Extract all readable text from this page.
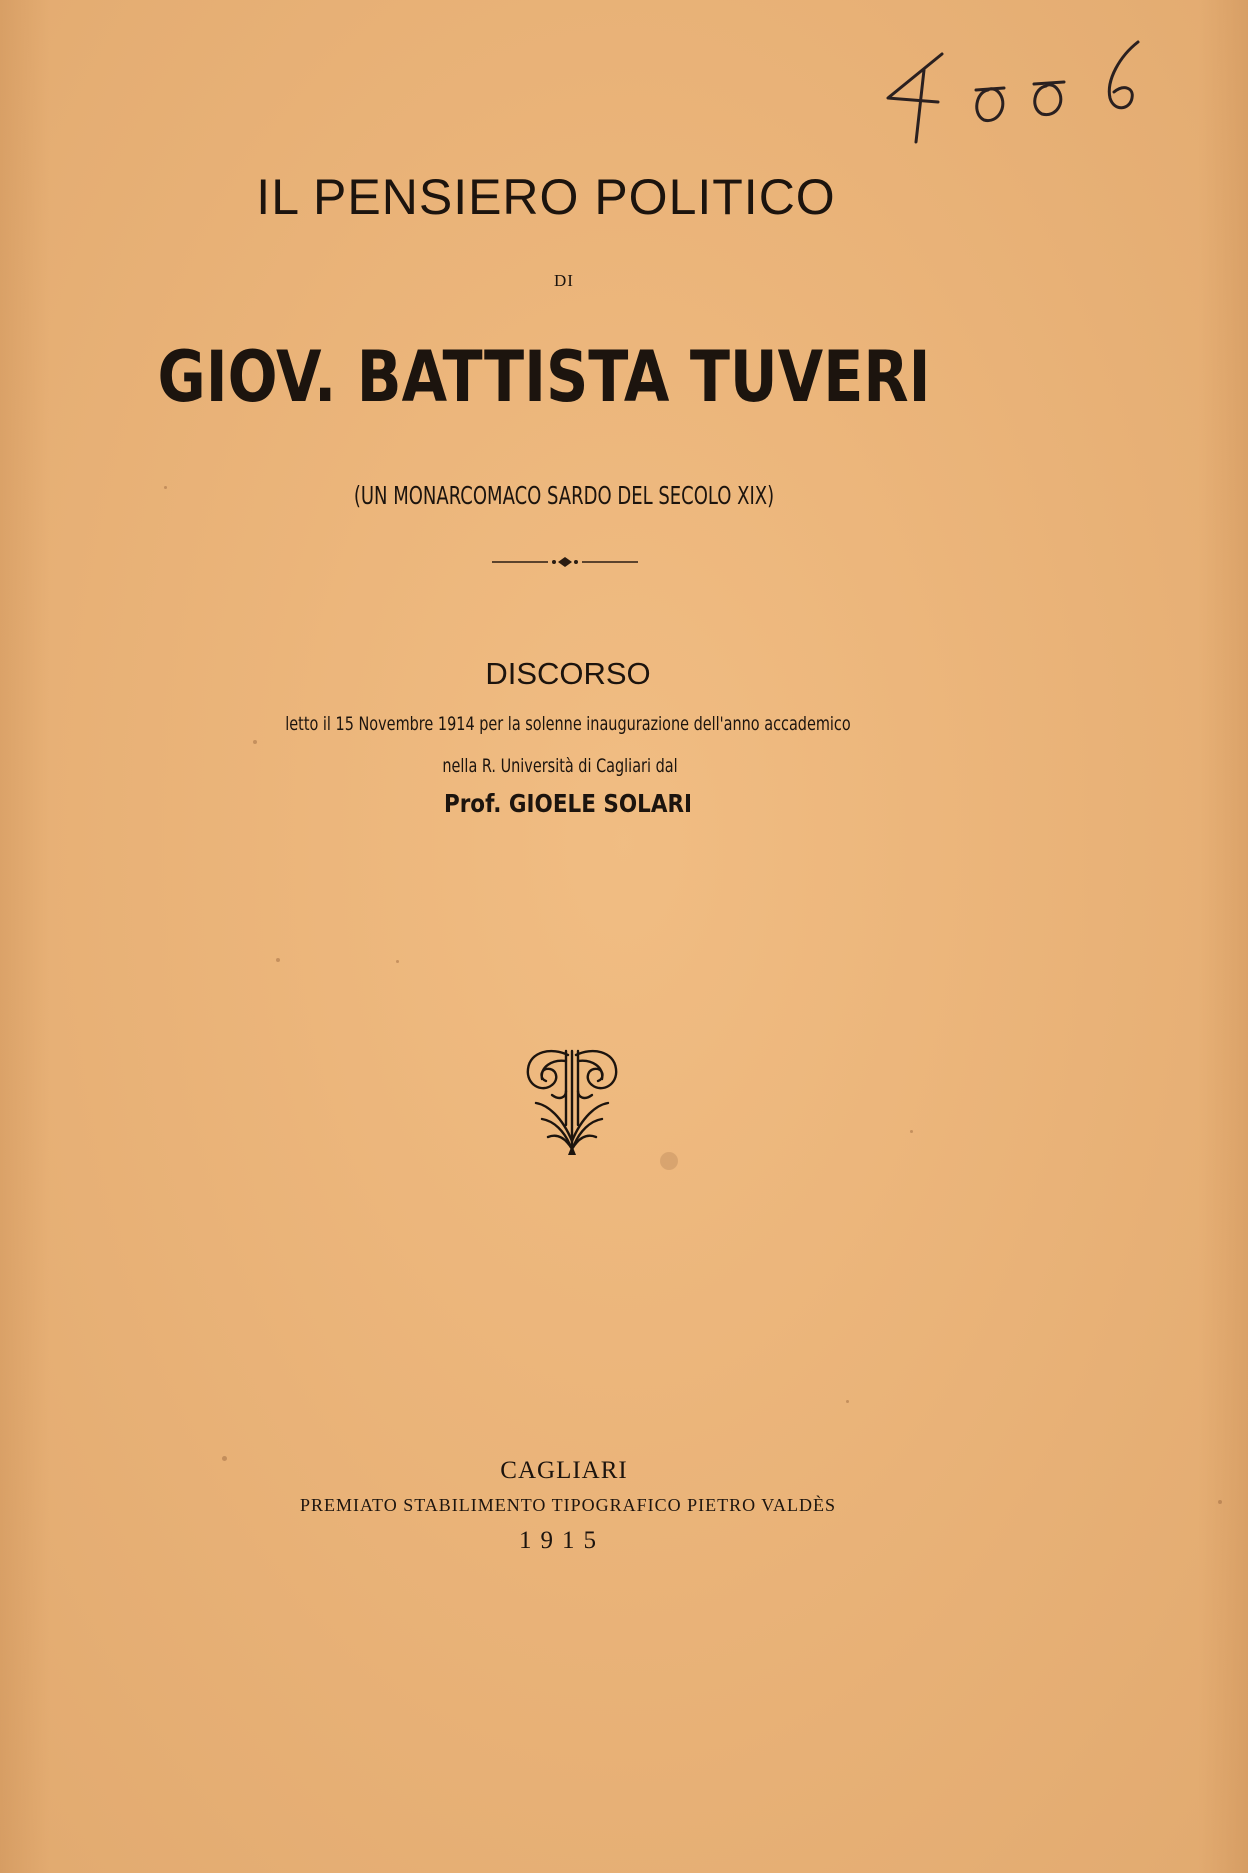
IL PENSIERO POLITICO
DI
GIOV. BATTISTA TUVERI
(UN MONARCOMACO SARDO DEL SECOLO XIX)
DISCORSO
letto il 15 Novembre 1914 per la solenne inaugurazione dell'anno accademico
nella R. Università di Cagliari dal
Prof. GIOELE SOLARI
CAGLIARI
PREMIATO STABILIMENTO TIPOGRAFICO PIETRO VALDÈS
1915
